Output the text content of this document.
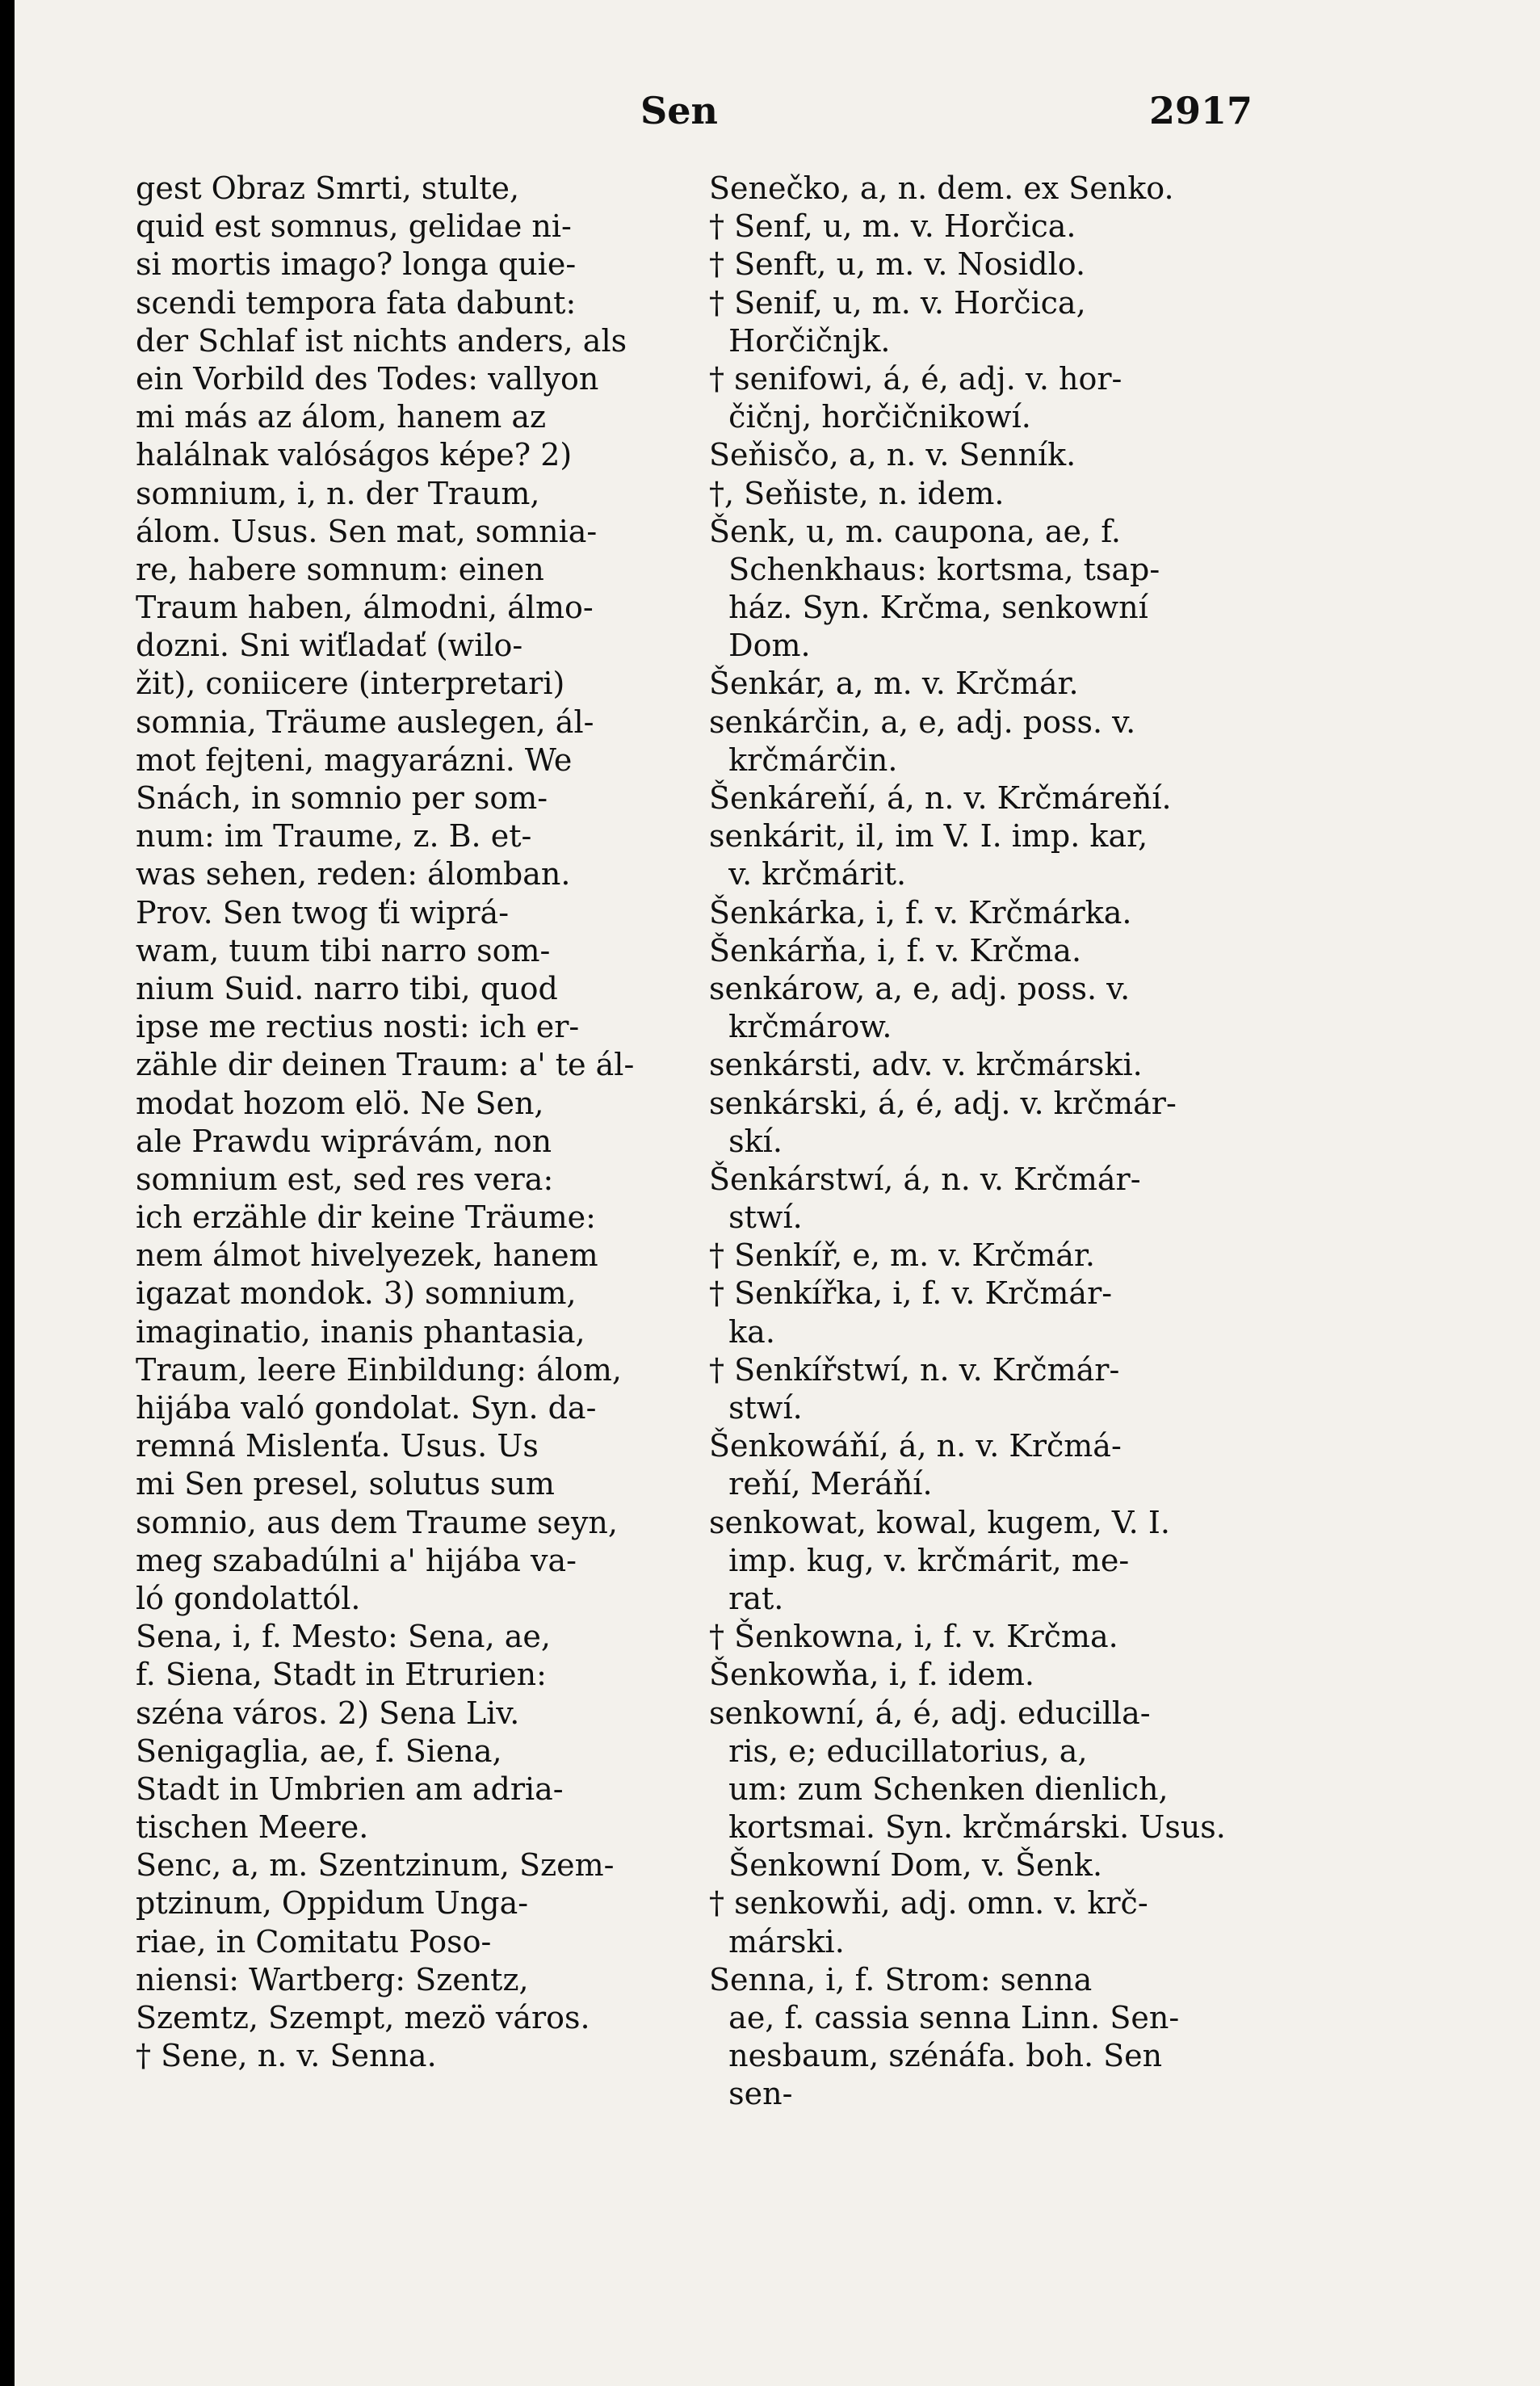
Sen	2917
gest Obraz Smrti, stulte,
quid est somnus, gelidae ni-
si mortis imago? longa quie-
scendi tempora fata dabunt:
der Schlaf ist nichts anders, als
ein Vorbild des Todes: vallyon
mi más az álom, hanem az
halálnak valóságos képe? 2)
somnium, i, n. der Traum,
álom. Usus. Sen mat, somnia-
re, habere somnum: einen
Traum haben, álmodni, álmo-
dozni. Sni wiťladať (wilo-
žit), coniicere (interpretari)
somnia, Träume auslegen, ál-
mot fejteni, magyarázni. We
Snách, in somnio per som-
num: im Traume, z. B. et-
was sehen, reden: álomban.
Prov. Sen twog ťi wiprá-
wam, tuum tibi narro som-
nium Suid. narro tibi, quod
ipse me rectius nosti: ich er-
zähle dir deinen Traum: a' te ál-
modat hozom elö. Ne Sen,
ale Prawdu wiprávám, non
somnium est, sed res vera:
ich erzähle dir keine Träume:
nem álmot hivelyezek, hanem
igazat mondok. 3) somnium,
imaginatio, inanis phantasia,
Traum, leere Einbildung: álom,
hijába való gondolat. Syn. da-
remná Mislenťa. Usus. Us
mi Sen presel, solutus sum
somnio, aus dem Traume seyn,
meg szabadúlni a' hijába va-
ló gondolattól.
Sena, i, f. Mesto: Sena, ae,
f. Siena, Stadt in Etrurien:
széna város. 2) Sena Liv.
Senigaglia, ae, f. Siena,
Stadt in Umbrien am adria-
tischen Meere.
Senc, a, m. Szentzinum, Szem-
ptzinum, Oppidum Unga-
riae, in Comitatu Poso-
niensi: Wartberg: Szentz,
Szemtz, Szempt, mezö város.
† Sene, n. v. Senna.
Senečko, a, n. dem. ex Senko.
† Senf, u, m. v. Horčica.
† Senft, u, m. v. Nosidlo.
† Senif, u, m. v. Horčica,
Horčičnjk.
† senifowi, á, é, adj. v. hor-
čičnj, horčičnikowí.
Seňisčo, a, n. v. Senník.
†, Seňiste, n. idem.
Šenk, u, m. caupona, ae, f.
Schenkhaus: kortsma, tsap-
ház. Syn. Krčma, senkowní
Dom.
Šenkár, a, m. v. Krčmár.
senkárčin, a, e, adj. poss. v.
krčmárčin.
Šenkáreňí, á, n. v. Krčmáreňí.
senkárit, il, im V. I. imp. kar,
v. krčmárit.
Šenkárka, i, f. v. Krčmárka.
Šenkárňa, i, f. v. Krčma.
senkárow, a, e, adj. poss. v.
krčmárow.
senkársti, adv. v. krčmárski.
senkárski, á, é, adj. v. krčmár-
skí.
Šenkárstwí, á, n. v. Krčmár-
stwí.
† Senkíř, e, m. v. Krčmár.
† Senkířka, i, f. v. Krčmár-
ka.
† Senkířstwí, n. v. Krčmár-
stwí.
Šenkowáňí, á, n. v. Krčmá-
reňí, Meráňí.
senkowat, kowal, kugem, V. I.
imp. kug, v. krčmárit, me-
rat.
† Šenkowna, i, f. v. Krčma.
Šenkowňa, i, f. idem.
senkowní, á, é, adj. educilla-
ris, e; educillatorius, a,
um: zum Schenken dienlich,
kortsmai. Syn. krčmárski. Usus.
Šenkowní Dom, v. Šenk.
† senkowňi, adj. omn. v. krč-
márski.
Senna, i, f. Strom: senna
ae, f. cassia senna Linn. Sen-
nesbaum, szénáfa. boh. Sen
sen-
